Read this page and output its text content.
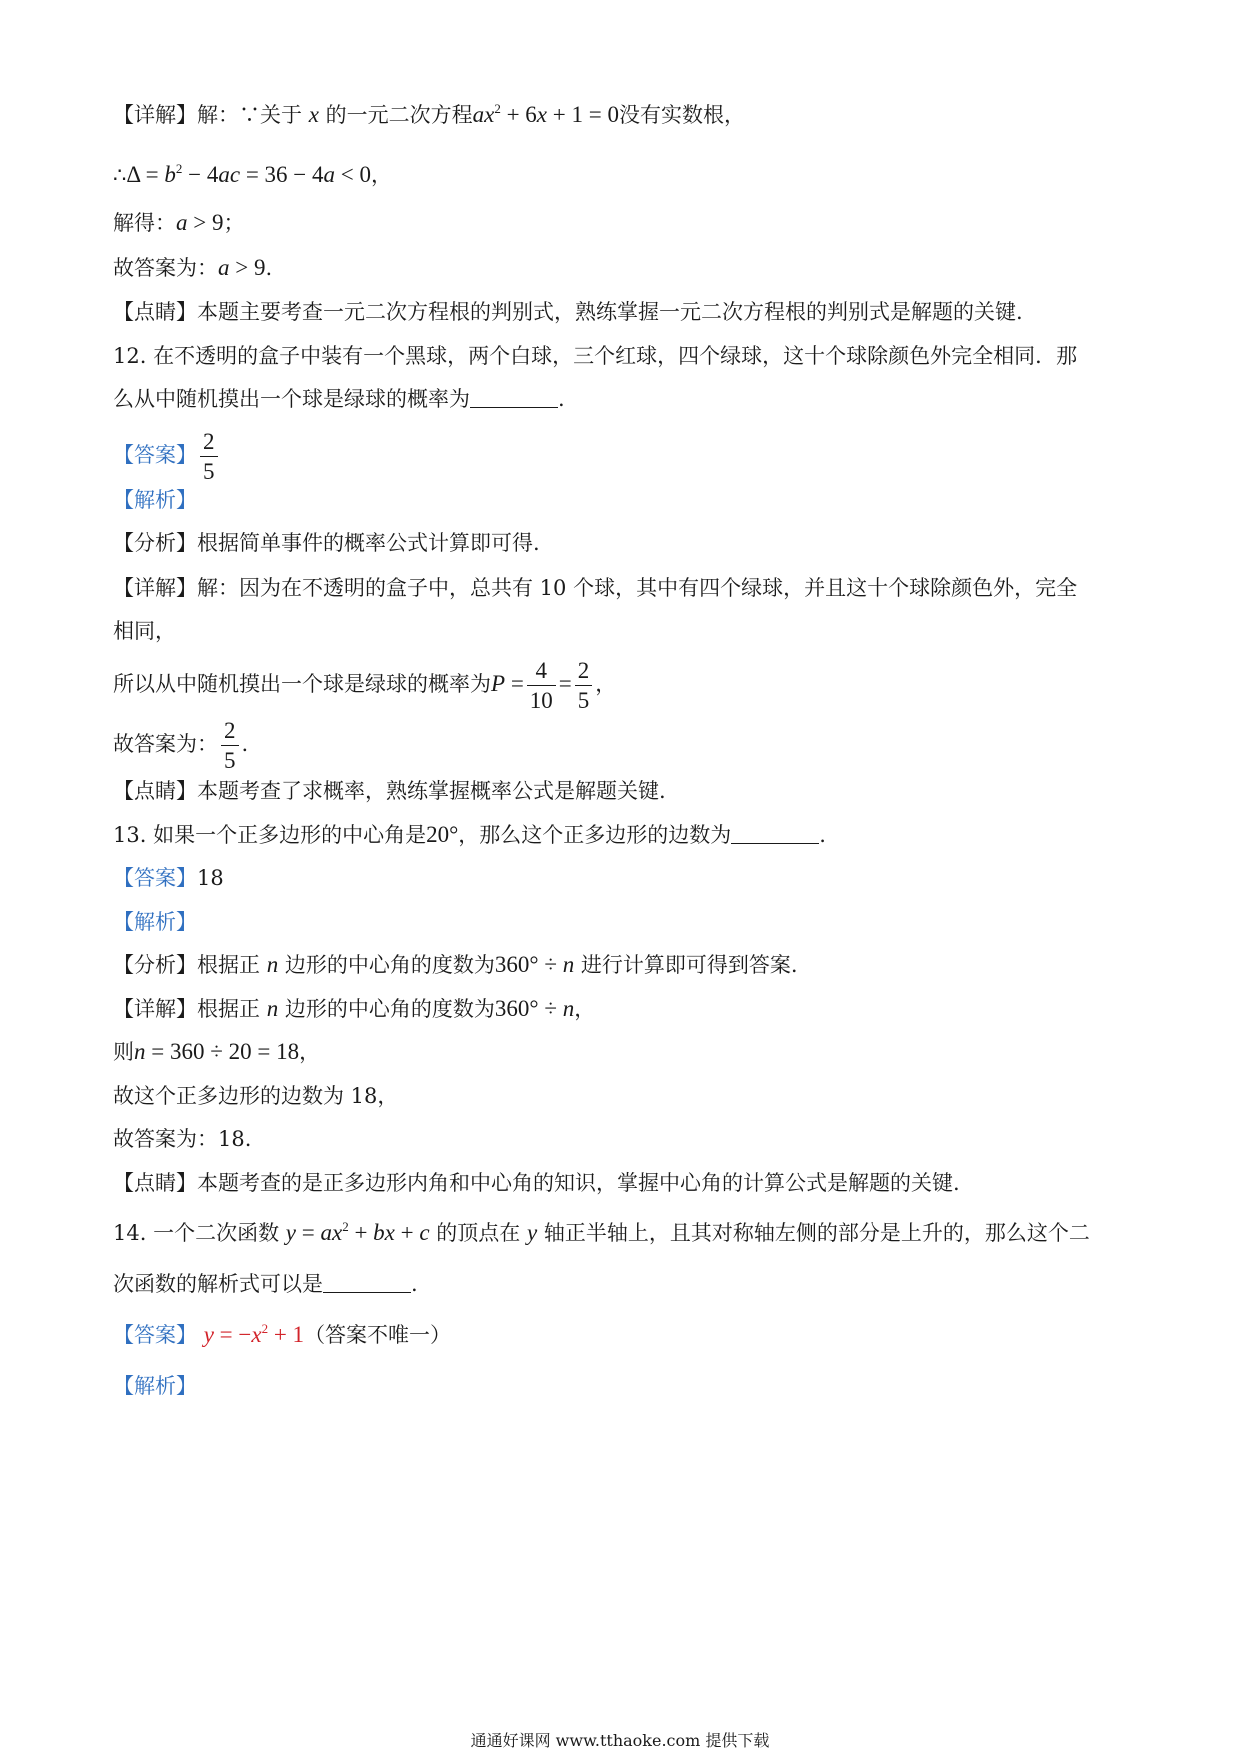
【详解】解：∵关于 x 的一元二次方程$ax^2 + 6x + 1 = 0$没有实数根，
∴Δ = $b^2 - 4ac = 36 - 4a < 0$，
解得：a > 9；
故答案为：a > 9.
【点睛】本题主要考查一元二次方程根的判别式，熟练掌握一元二次方程根的判别式是解题的关键.
12. 在不透明的盒子中装有一个黑球，两个白球，三个红球，四个绿球，这十个球除颜色外完全相同．那
么从中随机摸出一个球是绿球的概率为	.
【答案】 $\frac{2}{5}$
【解析】
【分析】根据简单事件的概率公式计算即可得.
【详解】解：因为在不透明的盒子中，总共有 10 个球，其中有四个绿球，并且这十个球除颜色外，完全
相同，
所以从中随机摸出一个球是绿球的概率为$P = \frac{4}{10} = \frac{2}{5}$ ，
故答案为： $\frac{2}{5}$ .
【点睛】本题考查了求概率，熟练掌握概率公式是解题关键.
13. 如果一个正多边形的中心角是20°，那么这个正多边形的边数为	.
【答案】18
【解析】
【分析】根据正 n 边形的中心角的度数为360° ÷ n 进行计算即可得到答案.
【详解】根据正 n 边形的中心角的度数为360° ÷ n，
则n = 360 ÷ 20 = 18，
故这个正多边形的边数为 18，
故答案为：18.
【点睛】本题考查的是正多边形内角和中心角的知识，掌握中心角的计算公式是解题的关键.
14. 一个二次函数 $y = ax^2$ + bx + c 的顶点在 y 轴正半轴上，且其对称轴左侧的部分是上升的，那么这个二
次函数的解析式可以是	.
【答案】 $y = -x^2 + 1$（答案不唯一）
【解析】
通通好课网 www.tthaoke.com 提供下载
